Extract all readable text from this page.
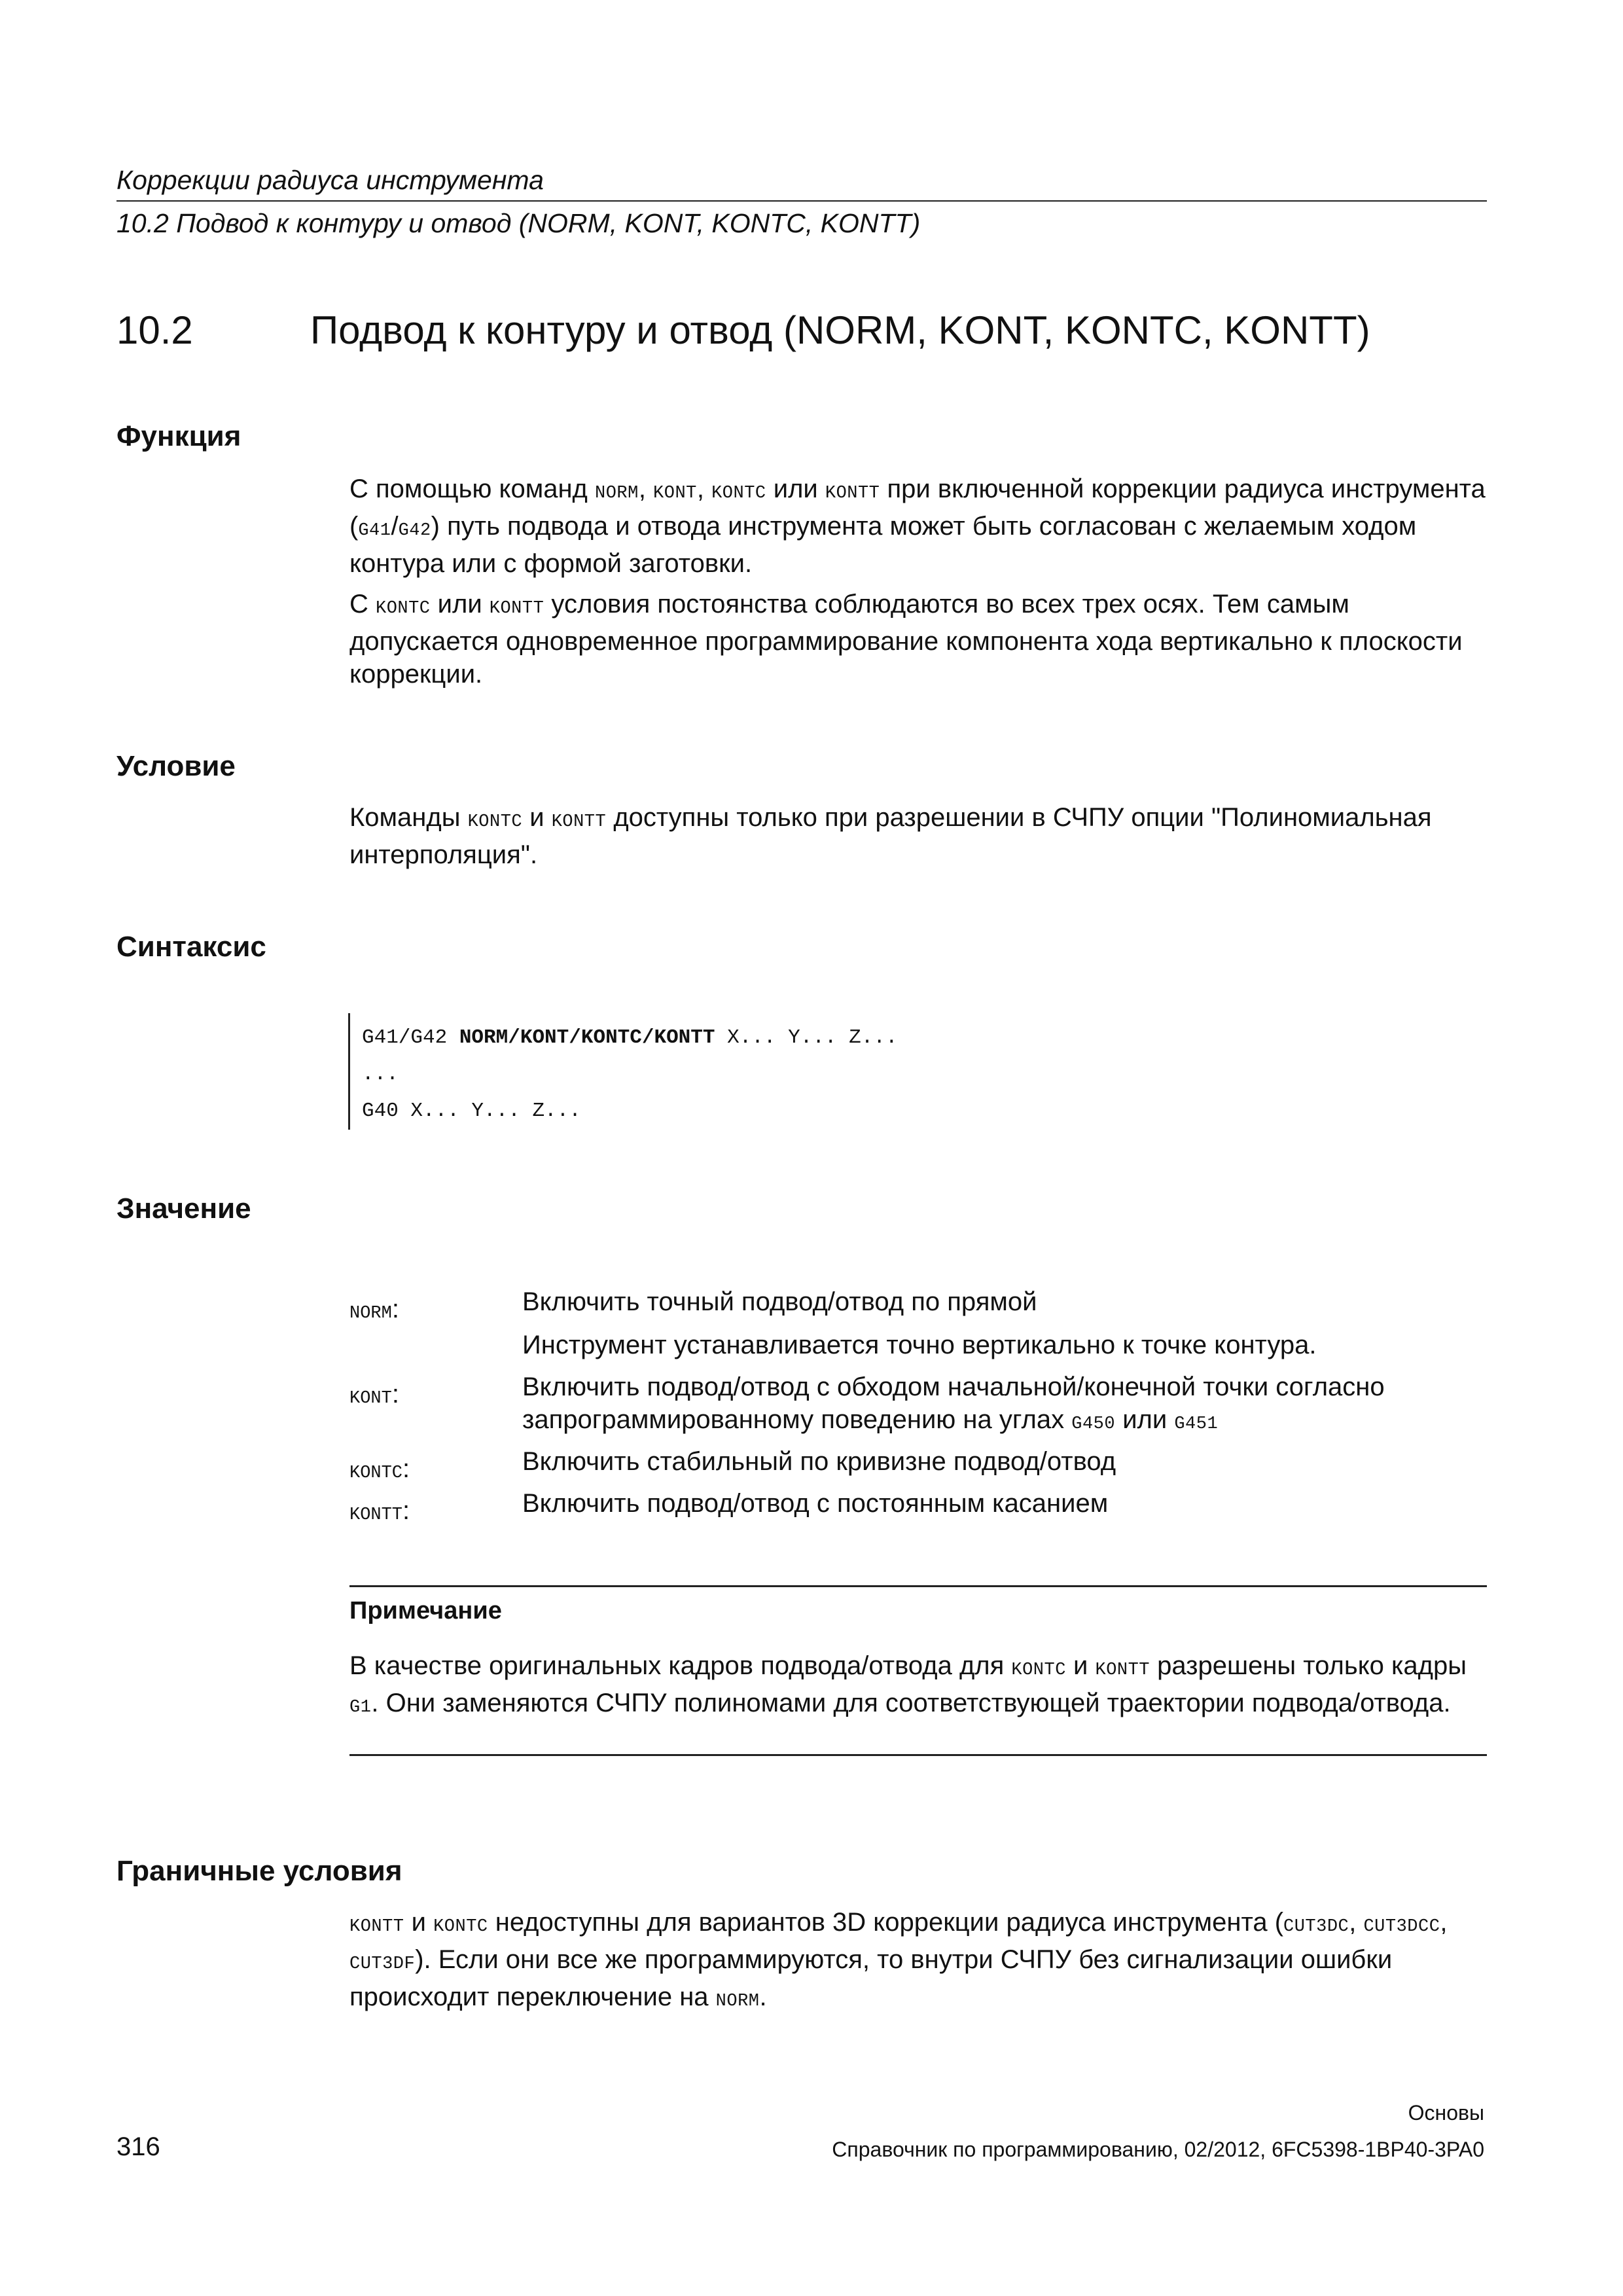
Коррекции радиуса инструмента
10.2 Подвод к контуру и отвод (NORM, KONT, KONTC, KONTT)
10.2	Подвод к контуру и отвод (NORM, KONT, KONTC, KONTT)
Функция
С помощью команд NORM, KONT, KONTC или KONTT при включенной коррекции радиуса инструмента (G41/G42) путь подвода и отвода инструмента может быть согласован с желаемым ходом контура или с формой заготовки.
С KONTC или KONTT условия постоянства соблюдаются во всех трех осях. Тем самым допускается одновременное программирование компонента хода вертикально к плоскости коррекции.
Условие
Команды KONTC и KONTT доступны только при разрешении в СЧПУ опции "Полиномиальная интерполяция".
Синтаксис
G41/G42 NORM/KONT/KONTC/KONTT X... Y... Z...
...
G40 X... Y... Z...
Значение
NORM:	Включить точный подвод/отвод по прямой
Инструмент устанавливается точно вертикально к точке контура.
KONT:	Включить подвод/отвод с обходом начальной/конечной точки согласно запрограммированному поведению на углах G450 или G451
KONTC:	Включить стабильный по кривизне подвод/отвод
KONTT:	Включить подвод/отвод с постоянным касанием
Примечание
В качестве оригинальных кадров подвода/отвода для KONTC и KONTT разрешены только кадры G1. Они заменяются СЧПУ полиномами для соответствующей траектории подвода/отвода.
Граничные условия
KONTT и KONTC недоступны для вариантов 3D коррекции радиуса инструмента (CUT3DC, CUT3DCC, CUT3DF). Если они все же программируются, то внутри СЧПУ без сигнализации ошибки происходит переключение на NORM.
Основы
Справочник по программированию, 02/2012, 6FC5398-1BP40-3PA0
316
